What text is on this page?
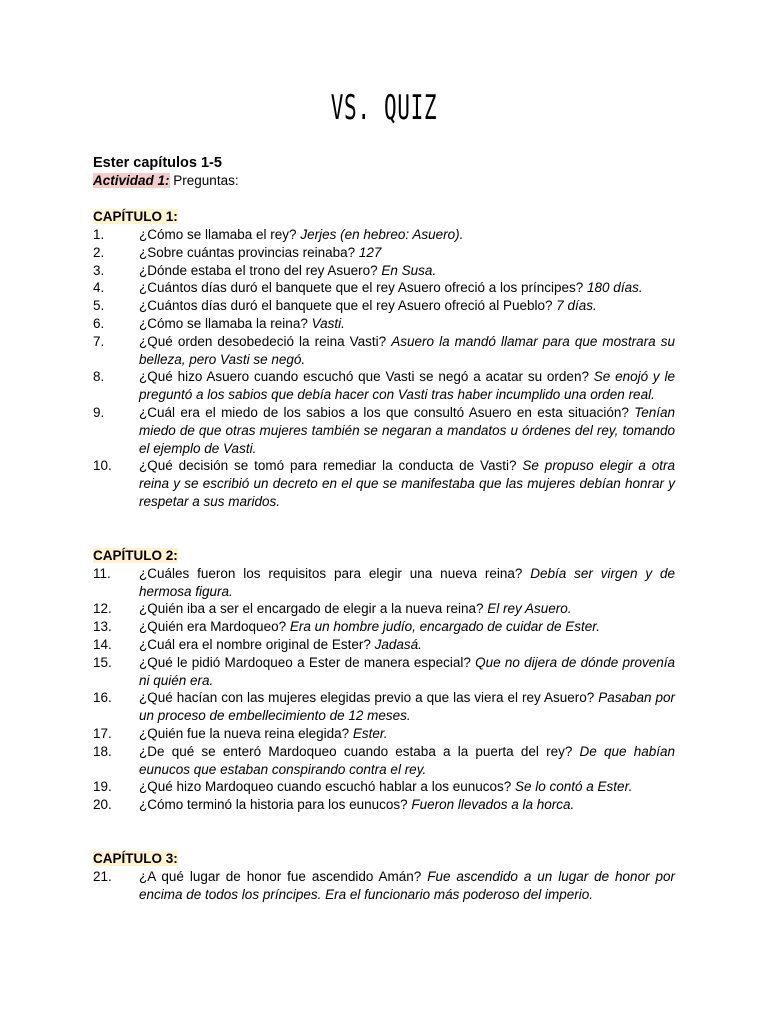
VS. QUIZ

Ester capítulos 1-5

Actividad 1: Preguntas:

CAPÍTULO 1:

1.	¿Cómo se llamaba el rey? Jerjes (en hebreo: Asuero).
2.	¿Sobre cuántas provincias reinaba? 127
3.	¿Dónde estaba el trono del rey Asuero? En Susa.
4.	¿Cuántos días duró el banquete que el rey Asuero ofreció a los príncipes? 180 días.
5.	¿Cuántos días duró el banquete que el rey Asuero ofreció al Pueblo? 7 días.
6.	¿Cómo se llamaba la reina? Vasti.
7.	¿Qué orden desobedeció la reina Vasti? Asuero la mandó llamar para que mostrara su belleza, pero Vasti se negó.
8.	¿Qué hizo Asuero cuando escuchó que Vasti se negó a acatar su orden? Se enojó y le preguntó a los sabios que debía hacer con Vasti tras haber incumplido una orden real.
9.	¿Cuál era el miedo de los sabios a los que consultó Asuero en esta situación? Tenían miedo de que otras mujeres también se negaran a mandatos u órdenes del rey, tomando el ejemplo de Vasti.
10.	¿Qué decisión se tomó para remediar la conducta de Vasti? Se propuso elegir a otra reina y se escribió un decreto en el que se manifestaba que las mujeres debían honrar y respetar a sus maridos.

CAPÍTULO 2:

11.	¿Cuáles fueron los requisitos para elegir una nueva reina? Debía ser virgen y de hermosa figura.
12.	¿Quién iba a ser el encargado de elegir a la nueva reina? El rey Asuero.
13.	¿Quién era Mardoqueo? Era un hombre judío, encargado de cuidar de Ester.
14.	¿Cuál era el nombre original de Ester? Jadasá.
15.	¿Qué le pidió Mardoqueo a Ester de manera especial? Que no dijera de dónde provenía ni quién era.
16.	¿Qué hacían con las mujeres elegidas previo a que las viera el rey Asuero? Pasaban por un proceso de embellecimiento de 12 meses.
17.	¿Quién fue la nueva reina elegida? Ester.
18.	¿De qué se enteró Mardoqueo cuando estaba a la puerta del rey? De que habían eunucos que estaban conspirando contra el rey.
19.	¿Qué hizo Mardoqueo cuando escuchó hablar a los eunucos? Se lo contó a Ester.
20.	¿Cómo terminó la historia para los eunucos? Fueron llevados a la horca.

CAPÍTULO 3:

21.	¿A qué lugar de honor fue ascendido Amán? Fue ascendido a un lugar de honor por encima de todos los príncipes. Era el funcionario más poderoso del imperio.
